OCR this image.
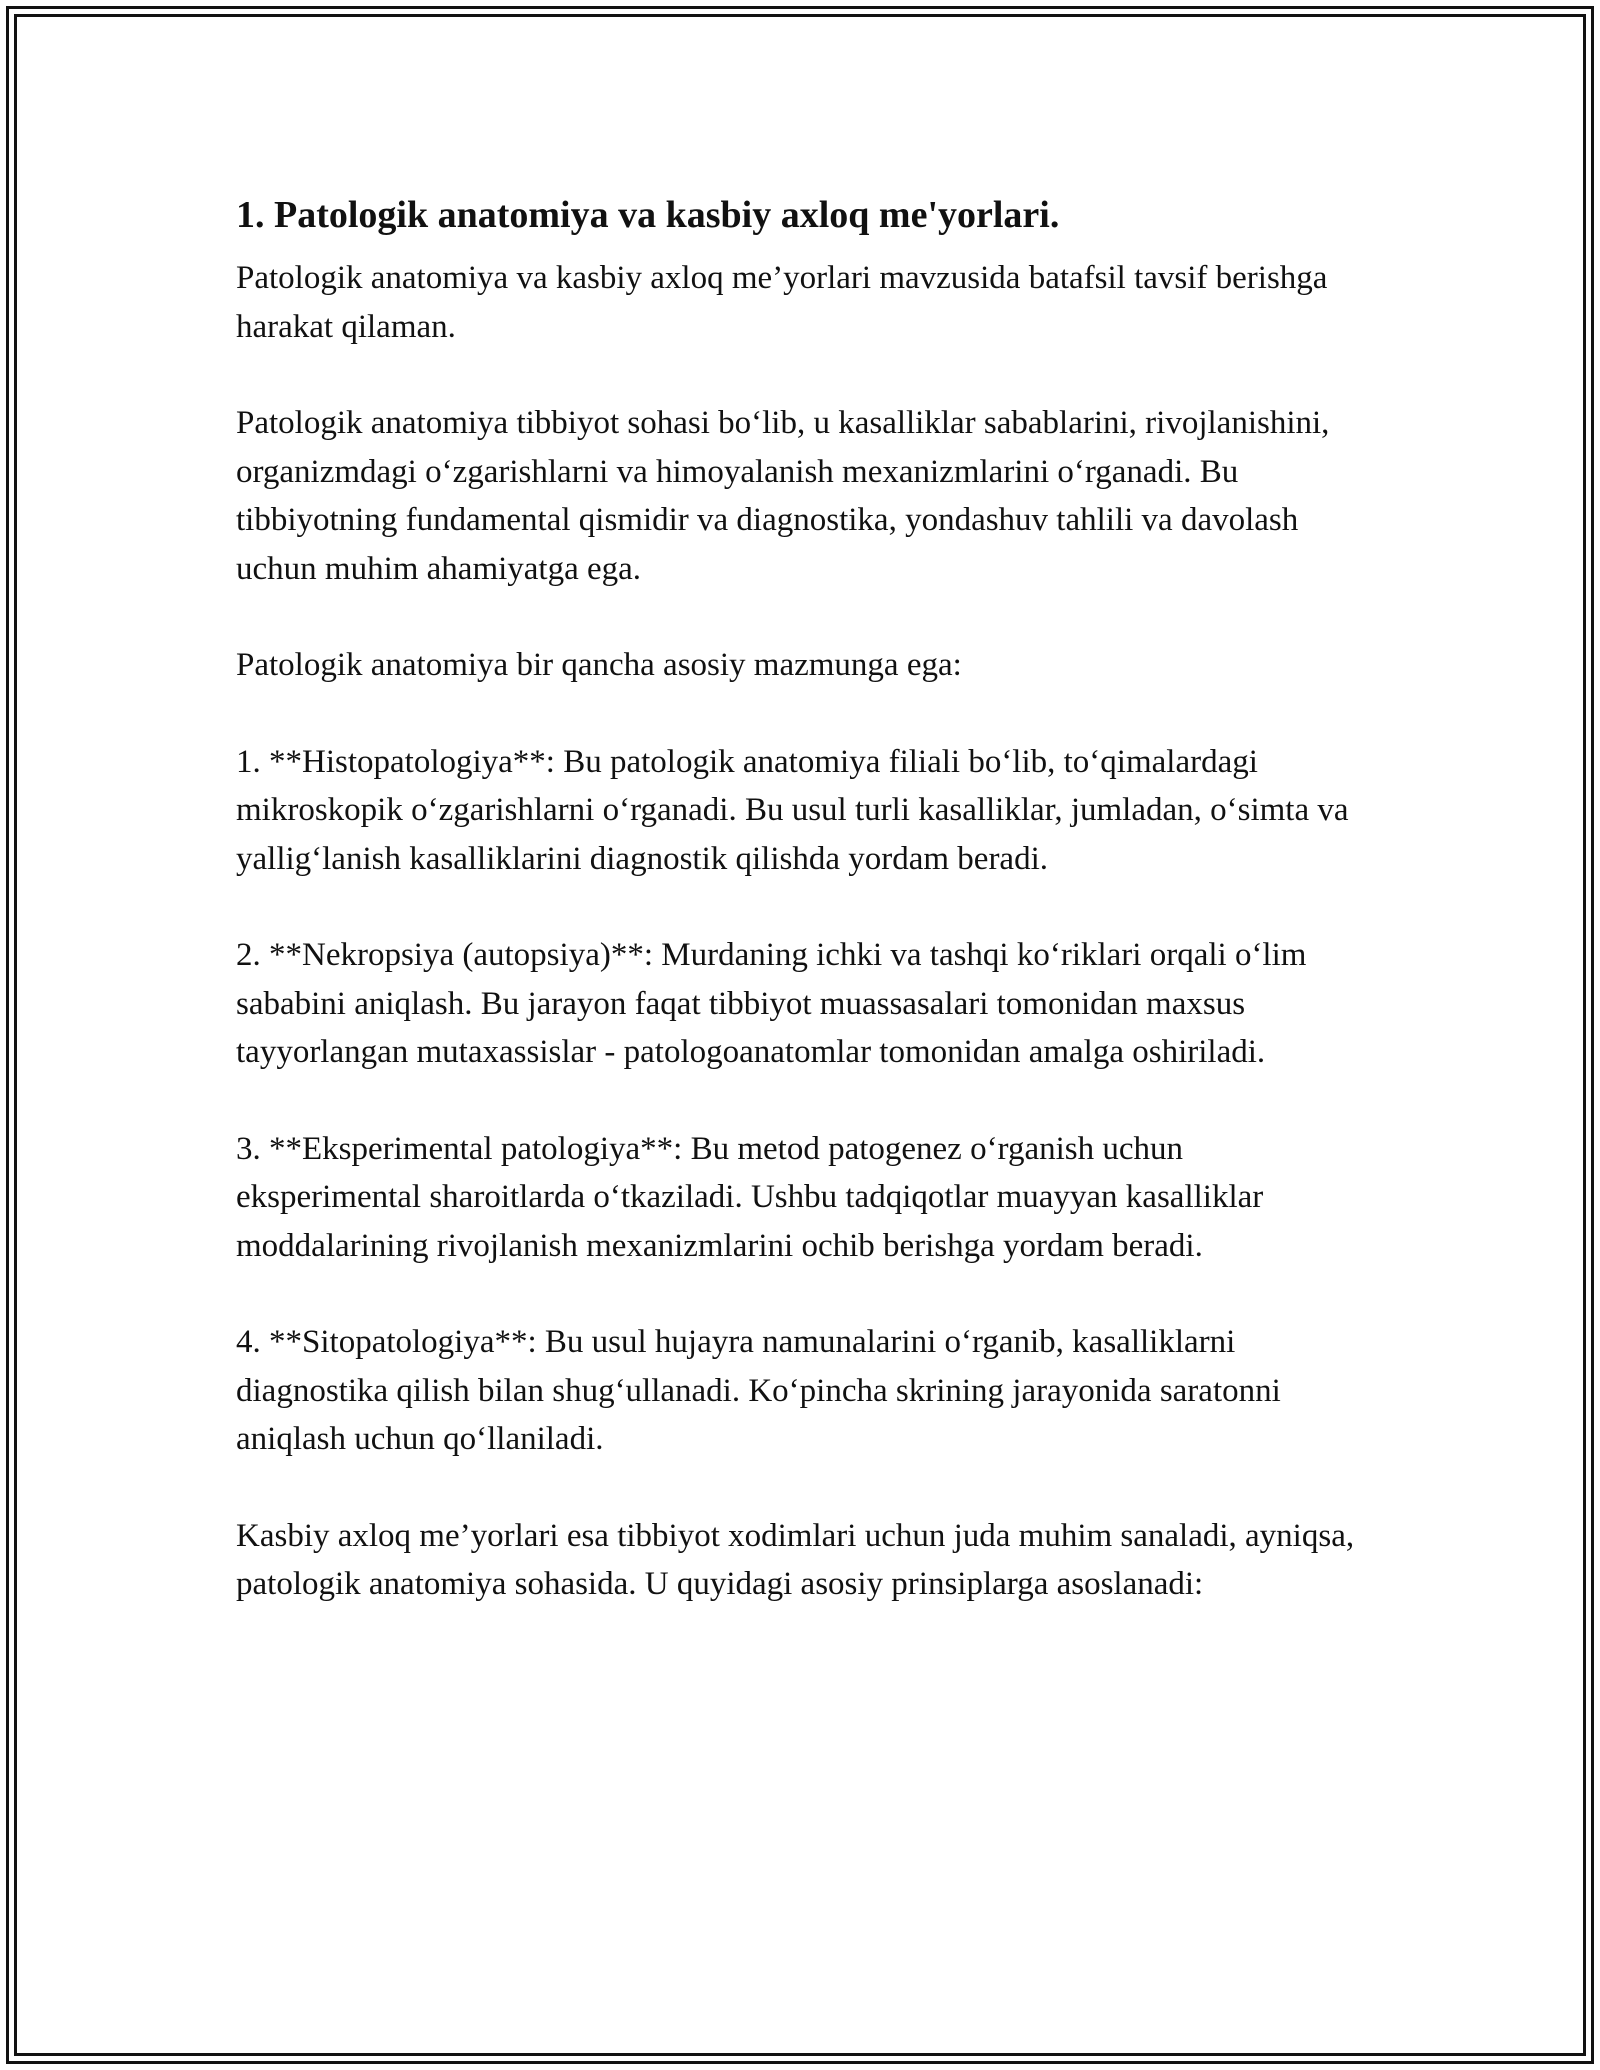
1. Patologik anatomiya va kasbiy axloq me'yorlari.

Patologik anatomiya va kasbiy axloq me’yorlari mavzusida batafsil tavsif berishga harakat qilaman.

Patologik anatomiya tibbiyot sohasi bo‘lib, u kasalliklar sabablarini, rivojlanishini, organizmdagi o‘zgarishlarni va himoyalanish mexanizmlarini o‘rganadi. Bu tibbiyotning fundamental qismidir va diagnostika, yondashuv tahlili va davolash uchun muhim ahamiyatga ega.

Patologik anatomiya bir qancha asosiy mazmunga ega:

1. **Histopatologiya**: Bu patologik anatomiya filiali bo‘lib, to‘qimalardagi mikroskopik o‘zgarishlarni o‘rganadi. Bu usul turli kasalliklar, jumladan, o‘simta va yallig‘lanish kasalliklarini diagnostik qilishda yordam beradi.

2. **Nekropsiya (autopsiya)**: Murdaning ichki va tashqi ko‘riklari orqali o‘lim sababini aniqlash. Bu jarayon faqat tibbiyot muassasalari tomonidan maxsus tayyorlangan mutaxassislar - patologoanatomlar tomonidan amalga oshiriladi.

3. **Eksperimental patologiya**: Bu metod patogenez o‘rganish uchun eksperimental sharoitlarda o‘tkaziladi. Ushbu tadqiqotlar muayyan kasalliklar moddalarining rivojlanish mexanizmlarini ochib berishga yordam beradi.

4. **Sitopatologiya**: Bu usul hujayra namunalarini o‘rganib, kasalliklarni diagnostika qilish bilan shug‘ullanadi. Ko‘pincha skrining jarayonida saratonni aniqlash uchun qo‘llaniladi.

Kasbiy axloq me’yorlari esa tibbiyot xodimlari uchun juda muhim sanaladi, ayniqsa, patologik anatomiya sohasida. U quyidagi asosiy prinsiplarga asoslanadi:
